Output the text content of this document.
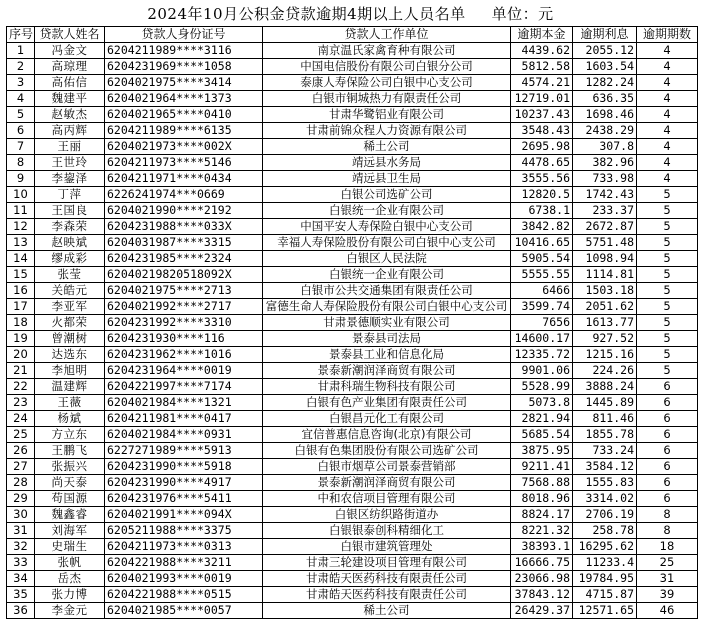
2024年10月公积金贷款逾期4期以上人员名单 单位：元
序号	贷款人姓名	贷款人身份证号	贷款人工作单位	逾期本金	逾期利息	逾期期数
1	冯金文	6204211989****3116	南京温氏家禽育种有限公司	4439.62	2055.12	4
2	高琼理	6204231969****1058	中国电信股份有限公司白银分公司	5812.58	1603.54	4
3	高佑信	6204021975****3414	泰康人寿保险公司白银中心支公司	4574.21	1282.24	4
4	魏建平	6204021964****1373	白银市铜城热力有限责任公司	12719.01	636.35	4
5	赵敏杰	6204021965****0410	甘肃华鹭铝业有限公司	10237.43	1698.46	4
6	高丙辉	6204211989****6135	甘肃前锦众程人力资源有限公司	3548.43	2438.29	4
7	王丽	6204021973****002X	稀土公司	2695.98	307.8	4
8	王世玲	6204211973****5146	靖远县水务局	4478.65	382.96	4
9	李鋆泽	6204211971****0434	靖远县卫生局	3555.56	733.98	4
10	丁萍	6226241974***0669	白银公司选矿公司	12820.5	1742.43	5
11	王国良	6204021990****2192	白银统一企业有限公司	6738.1	233.37	5
12	李森荣	6204231988****033X	中国平安人寿保险白银中心支公司	3842.82	2672.87	5
13	赵映斌	6204031987****3315	幸福人寿保险股份有限公司白银中心支公司	10416.65	5751.48	5
14	缪成彩	6204231985****2324	白银区人民法院	5905.54	1098.94	5
15	张莹	62040219820518092X	白银统一企业有限公司	5555.55	1114.81	5
16	关皓元	6204021975****2713	白银市公共交通集团有限责任公司	6466	1503.18	5
17	李亚军	6204021992****2717	富德生命人寿保险股份有限公司白银中心支公司	3599.74	2051.62	5
18	火都荣	6204231992****3310	甘肃景德顺实业有限公司	7656	1613.77	5
19	曾潮树	6204231930****116	景泰县司法局	14600.17	927.52	5
20	达选东	6204231962****1016	景泰县工业和信息化局	12335.72	1215.16	5
21	李旭明	6204231964****0019	景泰新潮润泽商贸有限公司	9901.06	224.26	5
22	温建辉	6204221997****7174	甘肃科瑞生物科技有限公司	5528.99	3888.24	6
23	王薇	6204021984****1321	白银有色产业集团有限责任公司	5073.8	1445.89	6
24	杨斌	6204211981****0417	白银昌元化工有限公司	2821.94	811.46	6
25	方立东	6204021984****0931	宜信普惠信息咨询(北京)有限公司	5685.54	1855.78	6
26	王鹏飞	6227271989****5913	白银有色集团股份有限公司选矿公司	3875.95	733.24	6
27	张振兴	6204231990****5918	白银市烟草公司景泰营销部	9211.41	3584.12	6
28	尚天泰	6204231990****4917	景泰新潮润泽商贸有限公司	7568.88	1555.83	6
29	苟国源	6204231976****5411	中和农信项目管理有限公司	8018.96	3314.02	6
30	魏鑫睿	6204021991****094X	白银区纺织路街道办	8824.17	2706.19	8
31	刘海军	6205211988****3375	白银银泰创科精细化工	8221.32	258.78	8
32	史瑞生	6204211973****0313	白银市建筑管理处	38393.1	16295.62	18
33	张帆	6204221988****3211	甘肃三轮建设项目管理有限公司	16666.75	11233.4	25
34	岳杰	6204021993****0019	甘肃皓天医药科技有限责任公司	23066.98	19784.95	31
35	张力博	6204221988****0515	甘肃皓天医药科技有限责任公司	37843.12	4715.87	39
36	李金元	6204021985****0057	稀土公司	26429.37	12571.65	46
